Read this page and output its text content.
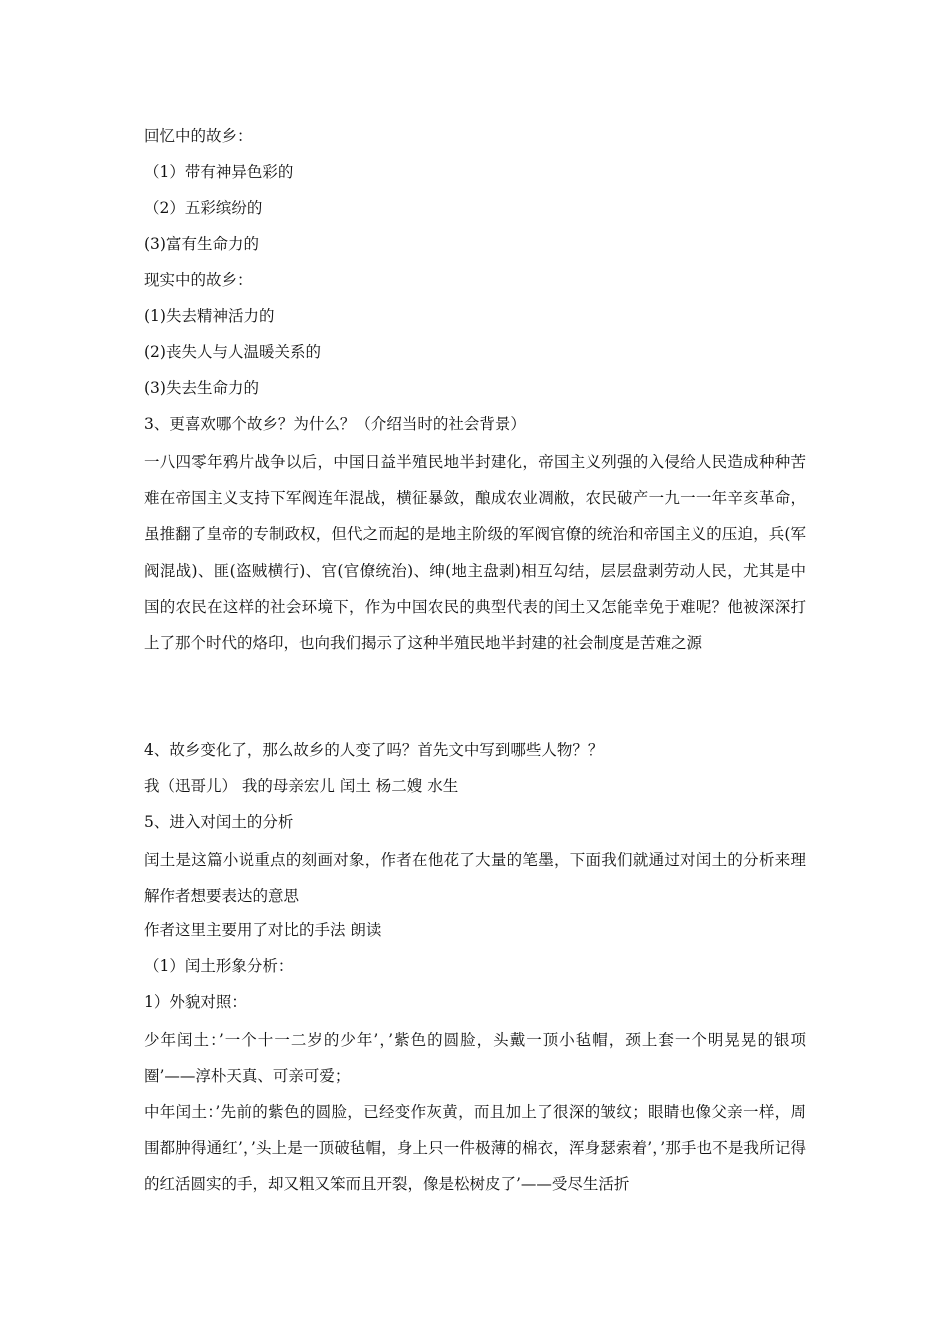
回忆中的故乡：

（1）带有神异色彩的

（2）五彩缤纷的

(3)富有生命力的

现实中的故乡：

(1)失去精神活力的

(2)丧失人与人温暖关系的

(3)失去生命力的

3、更喜欢哪个故乡？为什么？（介绍当时的社会背景）

一八四零年鸦片战争以后，中国日益半殖民地半封建化，帝国主义列强的入侵给人民造成种种苦难在帝国主义支持下军阀连年混战，横征暴敛，酿成农业凋敝，农民破产一九一一年辛亥革命，虽推翻了皇帝的专制政权，但代之而起的是地主阶级的军阀官僚的统治和帝国主义的压迫，兵(军阀混战)、匪(盗贼横行)、官(官僚统治)、绅(地主盘剥)相互勾结，层层盘剥劳动人民，尤其是中国的农民在这样的社会环境下，作为中国农民的典型代表的闰土又怎能幸免于难呢？他被深深打上了那个时代的烙印，也向我们揭示了这种半殖民地半封建的社会制度是苦难之源

4、故乡变化了，那么故乡的人变了吗？首先文中写到哪些人物？？

我（迅哥儿） 我的母亲宏儿 闰土 杨二嫂 水生

5、进入对闰土的分析

闰土是这篇小说重点的刻画对象，作者在他花了大量的笔墨，下面我们就通过对闰土的分析来理解作者想要表达的意思

作者这里主要用了对比的手法 朗读

（1）闰土形象分析：

1）外貌对照：

少年闰土：’一个十一二岁的少年’，’紫色的圆脸，头戴一顶小毡帽，颈上套一个明晃晃的银项圈’——淳朴天真、可亲可爱；

中年闰土：’先前的紫色的圆脸，已经变作灰黄，而且加上了很深的皱纹；眼睛也像父亲一样，周围都肿得通红’，’头上是一顶破毡帽，身上只一件极薄的棉衣，浑身瑟索着’，’那手也不是我所记得的红活圆实的手，却又粗又笨而且开裂，像是松树皮了’——受尽生活折
